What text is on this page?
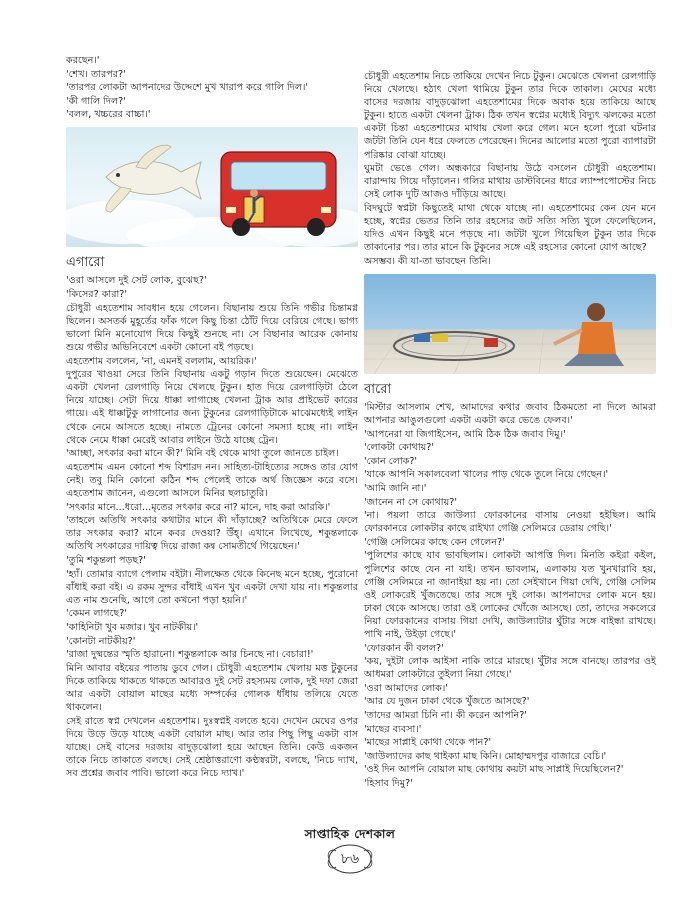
করছেন।'

'শেখ। তারপর?'

'তারপর লোকটা আপনাদের উদ্দেশে মুখ খারাপ করে গালি দিল।'

'কী গালি দিল?'

'বলল, খচ্চরের বাচ্চা।'

এগারো

'ওরা আসলে দুই সেট লোক, বুঝেছ?'

'কিসের? কারা?'

চৌধুরী এহতেশাম সাবধান হয়ে গেলেন। বিছানায় শুয়ে তিনি গভীর চিন্তামগ্ন ছিলেন। অসতর্ক মুহূর্তের ফাঁক গলে কিছু চিন্তা ঠোঁট দিয়ে বেরিয়ে গেছে। ভাগ্য ভালো মিনি মনোযোগ দিয়ে কিছুই শুনছে না। সে বিছানার আরেক কোনায় শুয়ে গভীর অভিনিবেশে একটা কোনো বই পড়ছে।

এহতেশাম বললেন, 'না, এমনই বললাম, আয়রিক।'

দুপুরের খাওয়া সেরে তিনি বিছানায় একটু গড়ান দিতে শুয়েছেন। মেঝেতে একটা খেলনা রেলগাড়ি নিয়ে খেলছে টুকুন। হাত দিয়ে রেলগাড়িটা ঠেলে নিয়ে যাচ্ছে। সেটা দিয়ে ধাক্কা লাগাচ্ছে খেলনা ট্রাক আর প্রাইভেট কারের গায়ে। এই ধাক্কাটুকু লাগানোর জন্য টুকুনের রেলগাড়িটাকে মাঝেমধ্যেই লাইন থেকে নেমে আসতে হচ্ছে। নামতে ট্রেনের কোনো সমস্যা হচ্ছে না। লাইন থেকে নেমে ধাক্কা মেরেই আবার লাইনে উঠে যাচ্ছে ট্রেন।

'আচ্ছা, সৎকার করা মানে কী?' মিনি বই থেকে মাথা তুলে জানতে চাইল।

এহতেশাম এমন কোনো শব্দ বিশারদ নন। সাহিত্য-টাহিত্যের সঙ্গেও তার যোগ নেই। তবু মিনি কোনো কঠিন শব্দ পেলেই তাকে অর্থ জিজ্ঞেস করে বসে। এহতেশাম জানেন, এগুলো আসলে মিনির ছলচাতুরি।

'সৎকার মানে...ধরো...মৃতের সৎকার করে না? মানে, দাহ করা আরকি।'

'তাহলে অতিথি সৎকার কথাটার মানে কী দাঁড়াচ্ছে? অতিথিকে মেরে ফেলে তার সৎকার করা? মানে কবর দেওয়া? উঁহ্‌। এখানে লিখেছে, শকুন্তলাকে অতিথি সৎকারের দায়িত্ব দিয়ে রাজা কন্ব সোমতীর্থে গিয়েছেন।'

'তুমি শকুন্তলা পড়ছ?'

'হ্যাঁ। তোমার ব্যাগে পেলাম বইটা। নীলক্ষেত থেকে কিনেছ মনে হচ্ছে, পুরোনো বাঁধাই করা বই। এ রকম সুন্দর বাঁধাই এখন খুব একটা দেখা যায় না। শকুন্তলার এত নাম শুনেছি, আগে তো কখনো পড়া হয়নি।'

'কেমন লাগছে?'

'কাহিনিটা খুব মজার। খুব নাটকীয়।'

'কোনটা নাটকীয়?'

'রাজা দুষ্মন্তের স্মৃতি হারানো। শকুন্তলাকে আর চিনছে না। বেচারা!'

মিনি আবার বইয়ের পাতায় ডুবে গেল। চৌধুরী এহতেশাম খেলায় মত্ত টুকুনের দিকে তাকিয়ে থাকতে থাকতে আবারও দুই সেট রহস্যময় লোক, দুই দফা জেরা আর একটা বোয়াল মাছের মধ্যে সম্পর্কের গোলক ধাঁধায় তলিয়ে যেতে থাকলেন।

সেই রাতে স্বপ্ন দেখলেন এহতেশাম। দুঃস্বপ্নই বলতে হবে। দেখেন মেঘের ওপর দিয়ে উড়ে উড়ে যাচ্ছে একটা বোয়াল মাছ। আর তার পিছু পিছু একটা বাস যাচ্ছে। সেই বাসের দরজায় বাদুড়ঝোলা হয়ে আছেন তিনি। কেউ একজন তাকে নিচে তাকাতে বলছে। সেই শ্রেষ্ঠাত্তরাণো কণ্ঠস্বরটা, বলছে, 'নিচে দ্যাখ, সব প্রশ্নের জবাব পাবি। ভালো করে নিচে দ্যাখ।'

চৌধুরী এহতেশাম নিচে তাকিয়ে দেখেন নিচে টুকুন। মেঝেতে খেলনা রেলগাড়ি নিয়ে খেলছে। হঠাৎ খেলা থামিয়ে টুকুন তার দিকে তাকাল। মেঘের মধ্যে বাসের দরজায় বাদুড়ঝোলা এহতেশামের দিকে অবাক হয়ে তাকিয়ে আছে টুকুন। হাতে একটা খেলনা ট্রাক। ঠিক তখন স্বপ্নের মধ্যেই বিদ্যুৎ ঝলকের মতো একটা চিন্তা এহতেশামের মাথায় খেলা করে গেল। মনে হলো পুরো ঘটনার জটটা তিনি যেন ধরে ফেলতে পেরেছেন। দিনের আলোর মতো পুরো ব্যাপারটা পরিষ্কার বোঝা যাচ্ছে।

ঘুমটা ভেঙে গেল। অন্ধকারে বিছানায় উঠে বসলেন চৌধুরী এহতেশাম। বারান্দায় গিয়ে দাঁড়ালেন। গলির মাথায় ডাস্টবিনের ধারে ল্যাম্পপোস্টের নিচে সেই লোক দুটি আজও দাঁড়িয়ে আছে।

বিদঘুটে স্বপ্নটা কিছুতেই মাথা থেকে যাচ্ছে না। এহতেশামের কেন যেন মনে হচ্ছে, স্বপ্নের ভেতর তিনি তার রহস্যের জট সত্যি সত্যি খুলে ফেলেছিলেন, যদিও এখন কিছুই মনে পড়ছে না। জটটা খুলে গিয়েছিল টুকুন তার দিকে তাকানোর পর। তার মানে কি টুকুনের সঙ্গে এই রহস্যের কোনো যোগ আছে?

অসম্ভব। কী যা-তা ভাবছেন তিনি।

বারো

'মিস্টার আসলাম শেখ, আমাদের কথার জবাব ঠিকমতো না দিলে আমরা আপনার আঙুলগুলো একটা একটা করে ভেঙে ফেলব।'

'আপনেরা যা জিগাইসেন, আমি ঠিক ঠিক জবাব দিমু।'

'লোকটা কোথায়?'

'কোন লোক?'

'যাকে আপনি সকালবেলা খালের পাড় থেকে তুলে নিয়ে গেছেন।'

'আমি জানি না।'

'জানেন না সে কোথায়?'

'না। পয়লা তারে জাউল্যা ফোরকানের বাসায় নেওয়া হইছিল। আমি ফোরকানরে লোকটার কাছে রাইখ্যা গেঞ্জি সেলিমরে ডেরায় গেছি।'

'গেঞ্জি সেলিমের কাছে কেন গেলেন?'

'পুলিশের কাছে যাব ভাবছিলাম। লোকটা আপত্তি দিল। মিনতি কইরা কইল, পুলিশের কাছে যেন না যাই। তখন ভাবলাম, এলাকায় যত খুনখারাবি হয়, গেঞ্জি সেলিমরে না জানাইয়া হয় না। তো সেইখানে গিয়া দেখি, গেঞ্জি সেলিম ওই লোকরেই খুঁজতেছে। তার সঙ্গে দুই লোক। আপনাদের লোক মনে হয়। ঢাকা থেকে আসছে। তারা ওই লোকের খোঁজে আসছে। তো, তাদের সকলেরে নিয়া ফোরকানের বাসায় গিয়া দেখি, জাউল্যাটার ঘুঁটার সঙ্গে বাইন্ধা রাখছে। পাখি নাই, উইড়া গেছে।'

'ফোরকান কী বলল?'

'কয়, দুইটা লোক আইসা নাকি তারে মারছে। খুঁটার সঙ্গে বানছে। তারপর ওই আধমরা লোকটারে তুইল্যা নিয়া গেছে।'

'ওরা আমাদের লোক।'

'আর যে দুজন ঢাকা থেকে খুঁজতে আসছে?'

'তাদের আমরা চিনি না। কী করেন আপনি?'

'মাছের ব্যবসা।'

'মাছের সাপ্লাই কোথা থেকে পান?'

'জাউল্যাদের কাছ থাইক্যা মাছ কিনি। মোহাম্মদপুর বাজারে বেচি।'

'ওই দিন আপনি বোয়াল মাছ কোথায় কয়টা মাছ সাপ্লাই দিয়েছিলেন?'

'হিসাব দিমু?'

সাপ্তাহিক দেশকাল
৮৬
